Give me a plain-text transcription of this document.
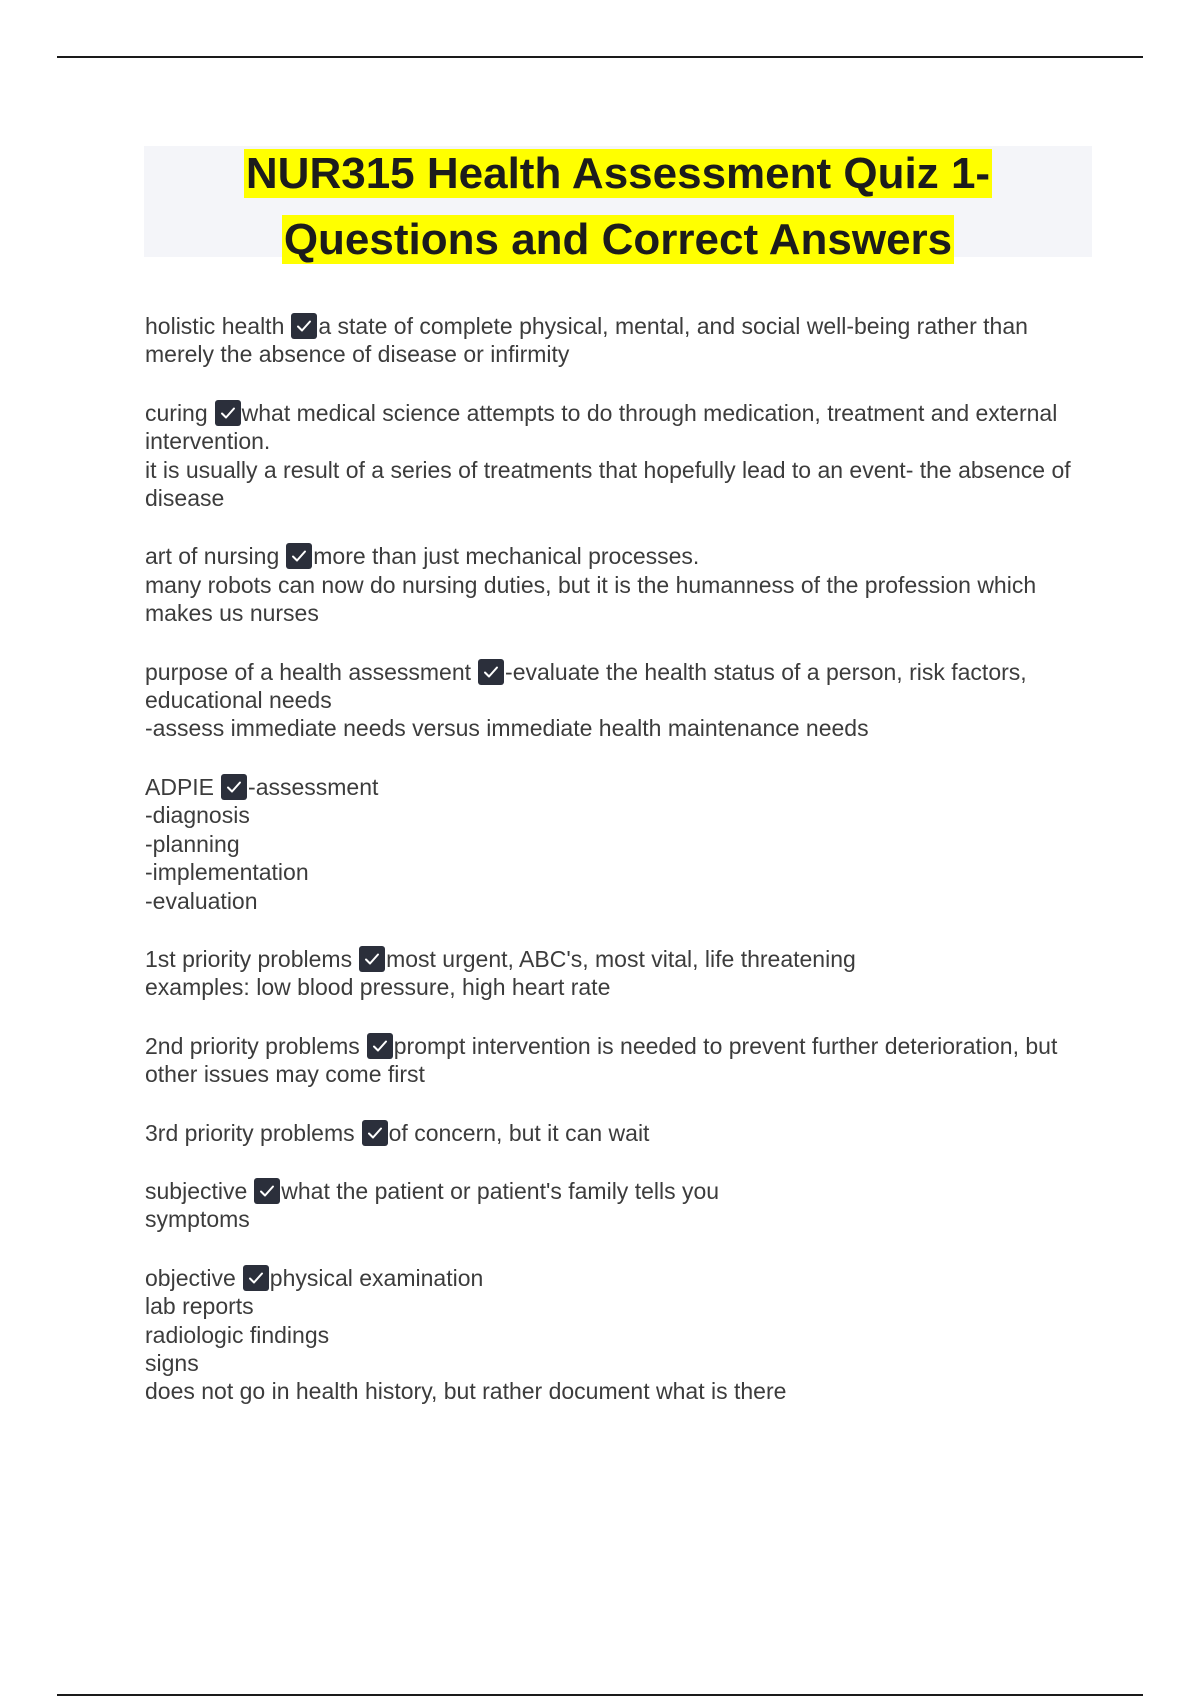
NUR315 Health Assessment Quiz 1-
Questions and Correct Answers
holistic health a state of complete physical, mental, and social well-being rather than merely the absence of disease or infirmity
curing what medical science attempts to do through medication, treatment and external intervention.
it is usually a result of a series of treatments that hopefully lead to an event- the absence of disease
art of nursing more than just mechanical processes.
many robots can now do nursing duties, but it is the humanness of the profession which makes us nurses
purpose of a health assessment -evaluate the health status of a person, risk factors, educational needs
-assess immediate needs versus immediate health maintenance needs
ADPIE -assessment
-diagnosis
-planning
-implementation
-evaluation
1st priority problems most urgent, ABC's, most vital, life threatening
examples: low blood pressure, high heart rate
2nd priority problems prompt intervention is needed to prevent further deterioration, but other issues may come first
3rd priority problems of concern, but it can wait
subjective what the patient or patient's family tells you
symptoms
objective physical examination
lab reports
radiologic findings
signs
does not go in health history, but rather document what is there
